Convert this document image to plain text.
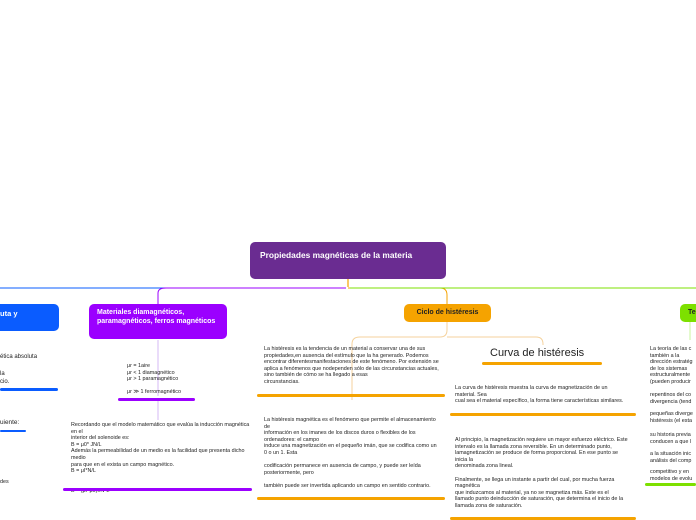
Propiedades magnéticas de la materia
uta y
ética absoluta
la
cio.
uiente:
des
Materiales diamagnéticos, paramagnéticos, ferros magnéticos
μr = 1aire
μr < 1 diamagnético
μr > 1 paramagnético

μr ≫ 1 ferromagnético
Recordando que el modelo matemático que evalúa la inducción magnética en el
interior del solenoide es:
B = μ0* JN/L
Además la permeabilidad de un medio es la facilidad que presenta dicho medio
para que en el exista un campo magnético.
B = μI*N/L

Ciclo de histéresis
La histéresis es la tendencia de un material a conservar una de sus propiedades,en ausencia del estímulo que la ha generado. Podemos encontrar diferentesmanifestaciones de este fenómeno. Por extensión se aplica a fenómenos que nodependen sólo de las circunstancias actuales, sino también de cómo se ha llegado a esas
circunstancias.
La histéresis magnética es el fenómeno que permite el almacenamiento de
información en los imanes de los discos duros o flexibles de los ordenadores: el campo
induce una magnetización en el pequeño imán, que se codifica como un 0 o un 1. Esta

codificación permanece en ausencia de campo, y puede ser leída posteriormente, pero

también puede ser invertida aplicando un campo en sentido contrario.
Curva de histéresis
La curva de histéresis muestra la curva de magnetización de un material. Sea
cual sea el material específico, la forma tiene características similares.
Al principio, la magnetización requiere un mayor esfuerzo eléctrico. Este
intervalo es la llamada zona reversible. En un determinado punto, lamagnetización se produce de forma proporcional. En ese punto se inicia la
denominada zona lineal.

Finalmente, se llega un instante a partir del cual, por mucha fuerza magnética
que induzcamos al material, ya no se magnetiza más. Este es el llamado punto deinducción de saturación, que determina el inicio de la llamada zona de saturación.
Te
La teoría de las c
también a la
dirección estratég
de los sistemas
estructuralmente
(pueden producir
repentinos del co
divergencia (tend
pequeñas diverge
histéresis (el esta
su historia previa
conducen a que l
a la situación inic
análisis del comp
competitivo y en
modelos de evolu
